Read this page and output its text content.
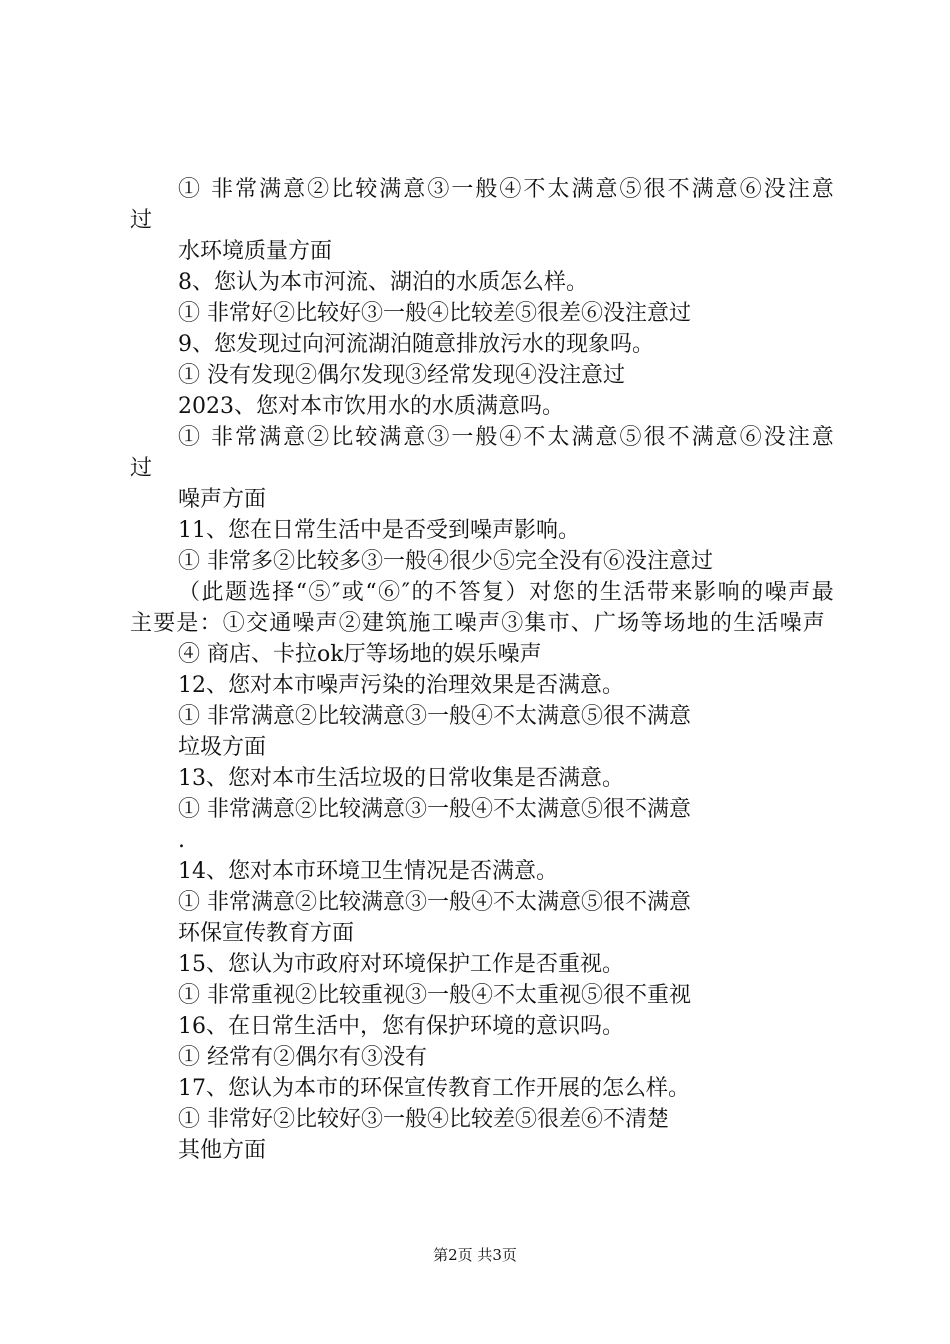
① 非常满意②比较满意③一般④不太满意⑤很不满意⑥没注意过
水环境质量方面
8、您认为本市河流、湖泊的水质怎么样。
① 非常好②比较好③一般④比较差⑤很差⑥没注意过
9、您发现过向河流湖泊随意排放污水的现象吗。
① 没有发现②偶尔发现③经常发现④没注意过
2023、您对本市饮用水的水质满意吗。
① 非常满意②比较满意③一般④不太满意⑤很不满意⑥没注意过
噪声方面
11、您在日常生活中是否受到噪声影响。
① 非常多②比较多③一般④很少⑤完全没有⑥没注意过
（此题选择“⑤″或“⑥″的不答复）对您的生活带来影响的噪声最主要是：①交通噪声②建筑施工噪声③集市、广场等场地的生活噪声
④ 商店、卡拉ok厅等场地的娱乐噪声
12、您对本市噪声污染的治理效果是否满意。
① 非常满意②比较满意③一般④不太满意⑤很不满意
垃圾方面
13、您对本市生活垃圾的日常收集是否满意。
① 非常满意②比较满意③一般④不太满意⑤很不满意
.
14、您对本市环境卫生情况是否满意。
① 非常满意②比较满意③一般④不太满意⑤很不满意
环保宣传教育方面
15、您认为市政府对环境保护工作是否重视。
① 非常重视②比较重视③一般④不太重视⑤很不重视
16、在日常生活中，您有保护环境的意识吗。
① 经常有②偶尔有③没有
17、您认为本市的环保宣传教育工作开展的怎么样。
① 非常好②比较好③一般④比较差⑤很差⑥不清楚
其他方面
第2页 共3页
